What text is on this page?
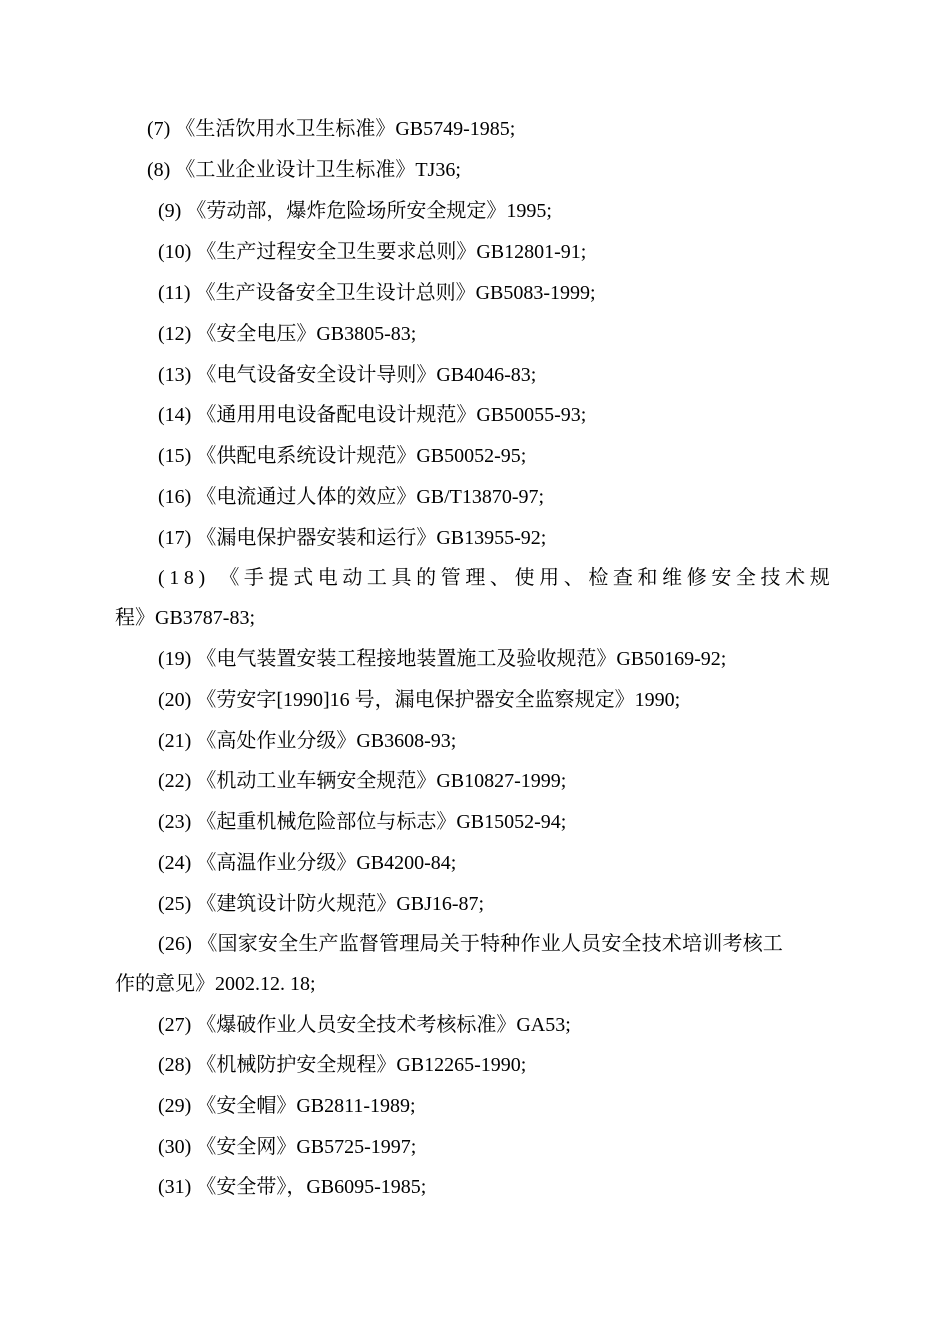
(7) 《生活饮用水卫生标准》GB5749-1985;
(8) 《工业企业设计卫生标准》TJ36;
(9) 《劳动部，爆炸危险场所安全规定》1995;
(10) 《生产过程安全卫生要求总则》GB12801-91;
(11) 《生产设备安全卫生设计总则》GB5083-1999;
(12) 《安全电压》GB3805-83;
(13) 《电气设备安全设计导则》GB4046-83;
(14) 《通用用电设备配电设计规范》GB50055-93;
(15) 《供配电系统设计规范》GB50052-95;
(16) 《电流通过人体的效应》GB/T13870-97;
(17) 《漏电保护器安装和运行》GB13955-92;
(18) 《手提式电动工具的管理、使用、检查和维修安全技术规
程》GB3787-83;
(19) 《电气装置安装工程接地装置施工及验收规范》GB50169-92;
(20) 《劳安字[1990]16 号，漏电保护器安全监察规定》1990;
(21) 《高处作业分级》GB3608-93;
(22) 《机动工业车辆安全规范》GB10827-1999;
(23) 《起重机械危险部位与标志》GB15052-94;
(24) 《高温作业分级》GB4200-84;
(25) 《建筑设计防火规范》GBJ16-87;
(26) 《国家安全生产监督管理局关于特种作业人员安全技术培训考核工
作的意见》2002.12. 18;
(27) 《爆破作业人员安全技术考核标准》GA53;
(28) 《机械防护安全规程》GB12265-1990;
(29) 《安全帽》GB2811-1989;
(30) 《安全网》GB5725-1997;
(31) 《安全带》，GB6095-1985;
